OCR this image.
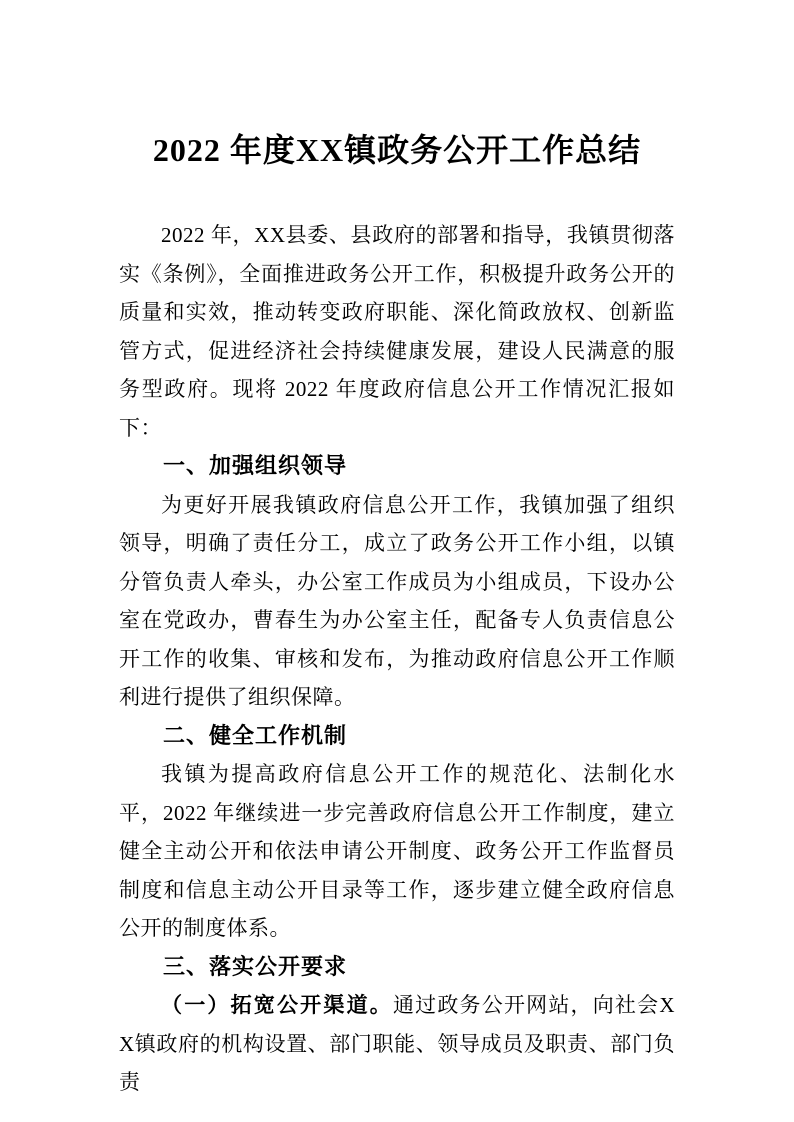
2022 年度XX镇政务公开工作总结

2022 年，XX县委、县政府的部署和指导，我镇贯彻落实《条例》，全面推进政务公开工作，积极提升政务公开的质量和实效，推动转变政府职能、深化简政放权、创新监管方式，促进经济社会持续健康发展，建设人民满意的服务型政府。现将 2022 年度政府信息公开工作情况汇报如下：

一、加强组织领导

为更好开展我镇政府信息公开工作，我镇加强了组织领导，明确了责任分工，成立了政务公开工作小组，以镇分管负责人牵头，办公室工作成员为小组成员，下设办公室在党政办，曹春生为办公室主任，配备专人负责信息公开工作的收集、审核和发布，为推动政府信息公开工作顺利进行提供了组织保障。

二、健全工作机制

我镇为提高政府信息公开工作的规范化、法制化水平，2022 年继续进一步完善政府信息公开工作制度，建立健全主动公开和依法申请公开制度、政务公开工作监督员制度和信息主动公开目录等工作，逐步建立健全政府信息公开的制度体系。

三、落实公开要求

（一）拓宽公开渠道。通过政务公开网站，向社会XX镇政府的机构设置、部门职能、领导成员及职责、部门负责
